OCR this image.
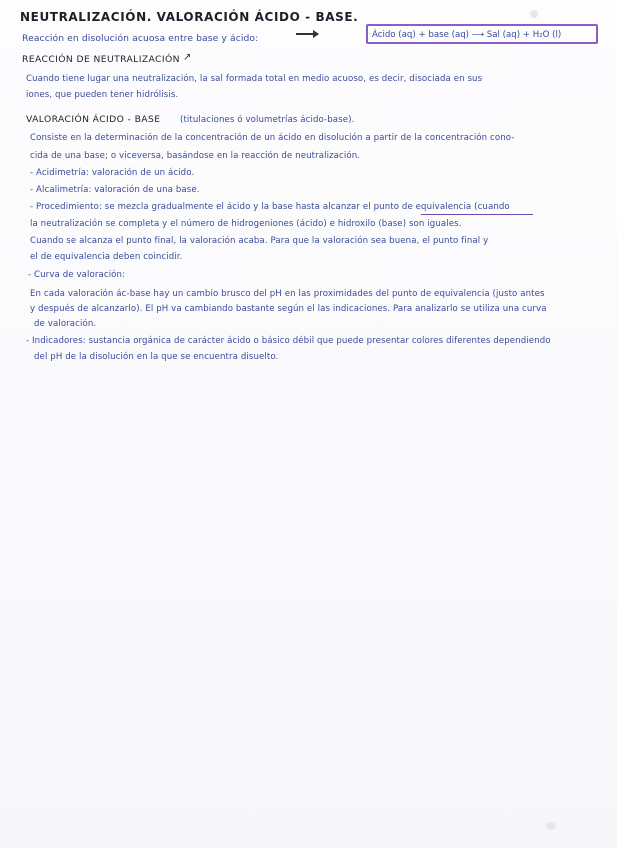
NEUTRALIZACIÓN. VALORACIÓN ÁCIDO - BASE.
Reacción en disolución acuosa entre base y ácido:	Ácido (aq) + base (aq) ⟶ Sal (aq) + H₂O (l)
REACCIÓN DE NEUTRALIZACIÓN ↗
Cuando tiene lugar una neutralización, la sal formada total en medio acuoso, es decir, disociada en sus
iones, que pueden tener hidrólisis.
VALORACIÓN ÁCIDO - BASE (titulaciones ó volumetrías ácido-base).
Consiste en la determinación de la concentración de un ácido en disolución a partir de la concentración cono-
cida de una base; o viceversa, basándose en la reacción de neutralización.
- Acidimetría: valoración de un ácido.
- Alcalimetría: valoración de una base.
- Procedimiento: se mezcla gradualmente el ácido y la base hasta alcanzar el punto de equivalencia (cuando
la neutralización se completa y el número de hidrogeniones (ácido) e hidroxilo (base) son iguales.
Cuando se alcanza el punto final, la valoración acaba. Para que la valoración sea buena, el punto final y
el de equivalencia deben coincidir.
- Curva de valoración:
En cada valoración ác-base hay un cambio brusco del pH en las proximidades del punto de equivalencia (justo antes
y después de alcanzarlo). El pH va cambiando bastante según el las indicaciones. Para analizarlo se utiliza una curva
de valoración.
- Indicadores: sustancia orgánica de carácter ácido o básico débil que puede presentar colores diferentes dependiendo
del pH de la disolución en la que se encuentra disuelto.
